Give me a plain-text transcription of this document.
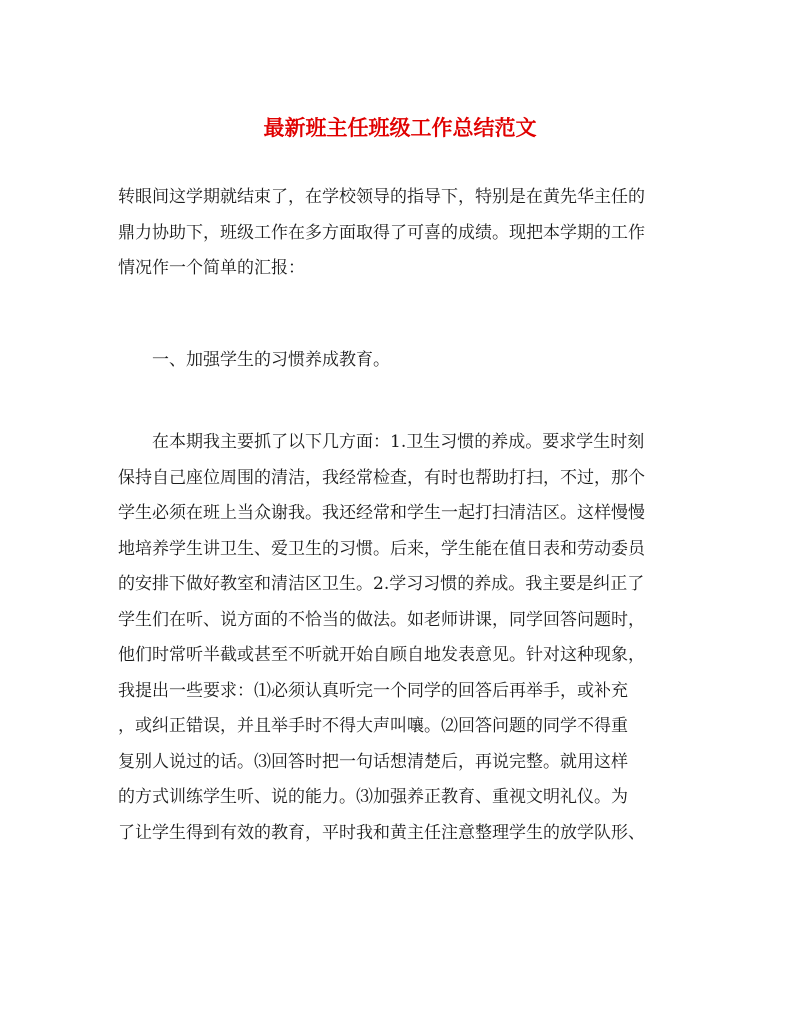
最新班主任班级工作总结范文
转眼间这学期就结束了，在学校领导的指导下，特别是在黄先华主任的
鼎力协助下，班级工作在多方面取得了可喜的成绩。现把本学期的工作
情况作一个简单的汇报：
　　一、加强学生的习惯养成教育。
　　在本期我主要抓了以下几方面：1.卫生习惯的养成。要求学生时刻
保持自己座位周围的清洁，我经常检查，有时也帮助打扫，不过，那个
学生必须在班上当众谢我。我还经常和学生一起打扫清洁区。这样慢慢
地培养学生讲卫生、爱卫生的习惯。后来，学生能在值日表和劳动委员
的安排下做好教室和清洁区卫生。2.学习习惯的养成。我主要是纠正了
学生们在听、说方面的不恰当的做法。如老师讲课，同学回答问题时，
他们时常听半截或甚至不听就开始自顾自地发表意见。针对这种现象，
我提出一些要求：⑴必须认真听完一个同学的回答后再举手，或补充
，或纠正错误，并且举手时不得大声叫嚷。⑵回答问题的同学不得重
复别人说过的话。⑶回答时把一句话想清楚后，再说完整。就用这样
的方式训练学生听、说的能力。⑶加强养正教育、重视文明礼仪。为
了让学生得到有效的教育，平时我和黄主任注意整理学生的放学队形、
